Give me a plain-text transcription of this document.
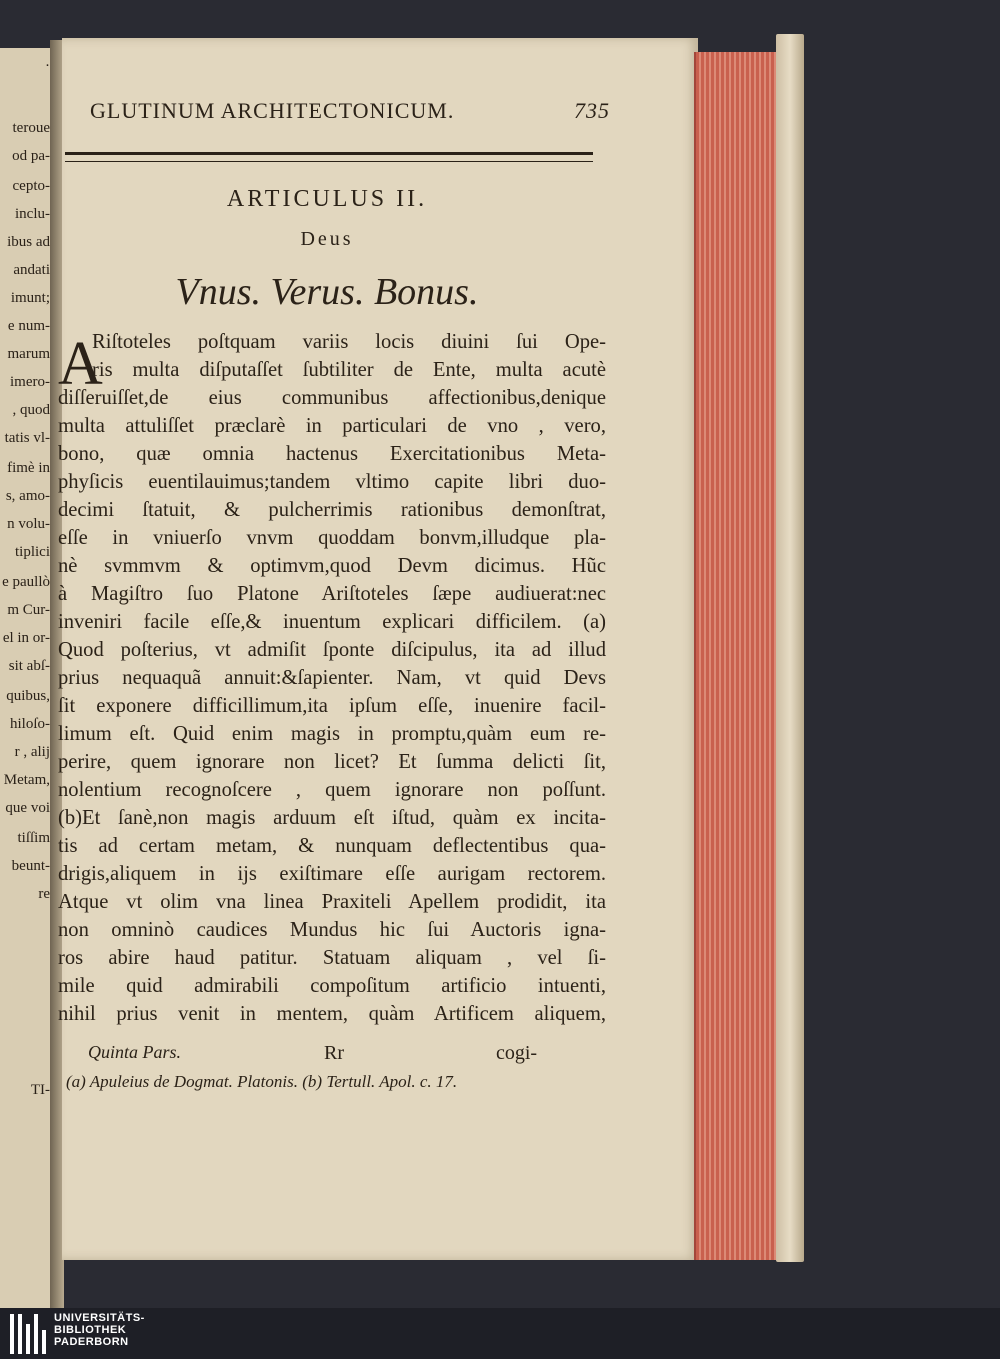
·
teroue
od pa-
cepto-
inclu-
ibus ad
andati
imunt;
e num-
marum
imero-
, quod
tatis vl-
fimè in
s, amo-
n volu-
tiplici
e paullò
m Cur-
el in or-
sit abſ-
quibus,
hiloſo-
r , alij
Metam,
que voi
tiſſim
beunt-
re
TI-
GLUTINUM ARCHITECTONICUM.	735
ARTICULUS II.
Deus
Vnus. Verus. Bonus.
A
Riſtoteles poſtquam variis locis diuini ſui Ope-
ris multa diſputaſſet ſubtiliter de Ente, multa acutè
diſſeruiſſet,de eius communibus affectionibus,denique
multa attuliſſet præclarè in particulari de vno , vero,
bono, quæ omnia hactenus Exercitationibus Meta-
phyſicis euentilauimus;tandem vltimo capite libri duo-
decimi ſtatuit, & pulcherrimis rationibus demonſtrat,
eſſe in vniuerſo vnvm quoddam bonvm,illudque pla-
nè svmmvm & optimvm,quod Devm dicimus. Hũc
à Magiſtro ſuo Platone Ariſtoteles ſæpe audiuerat:nec
inveniri facile eſſe,& inuentum explicari difficilem. (a)
Quod poſterius, vt admiſit ſponte diſcipulus, ita ad illud
prius nequaquã annuit:&ſapienter. Nam, vt quid Devs
ſit exponere difficillimum,ita ipſum eſſe, inuenire facil-
limum eſt. Quid enim magis in promptu,quàm eum re-
perire, quem ignorare non licet? Et ſumma delicti ſit,
nolentium recognoſcere , quem ignorare non poſſunt.
(b)Et ſanè,non magis arduum eſt iſtud, quàm ex incita-
tis ad certam metam, & nunquam deflectentibus qua-
drigis,aliquem in ijs exiſtimare eſſe aurigam rectorem.
Atque vt olim vna linea Praxiteli Apellem prodidit, ita
non omninò caudices Mundus hic ſui Auctoris igna-
ros abire haud patitur. Statuam aliquam , vel ſi-
mile quid admirabili compoſitum artificio intuenti,
nihil prius venit in mentem, quàm Artificem aliquem,
Quinta Pars.	Rr	cogi-
(a) Apuleius de Dogmat. Platonis. (b) Tertull. Apol. c. 17.
UNIVERSITÄTS-
BIBLIOTHEK
PADERBORN
